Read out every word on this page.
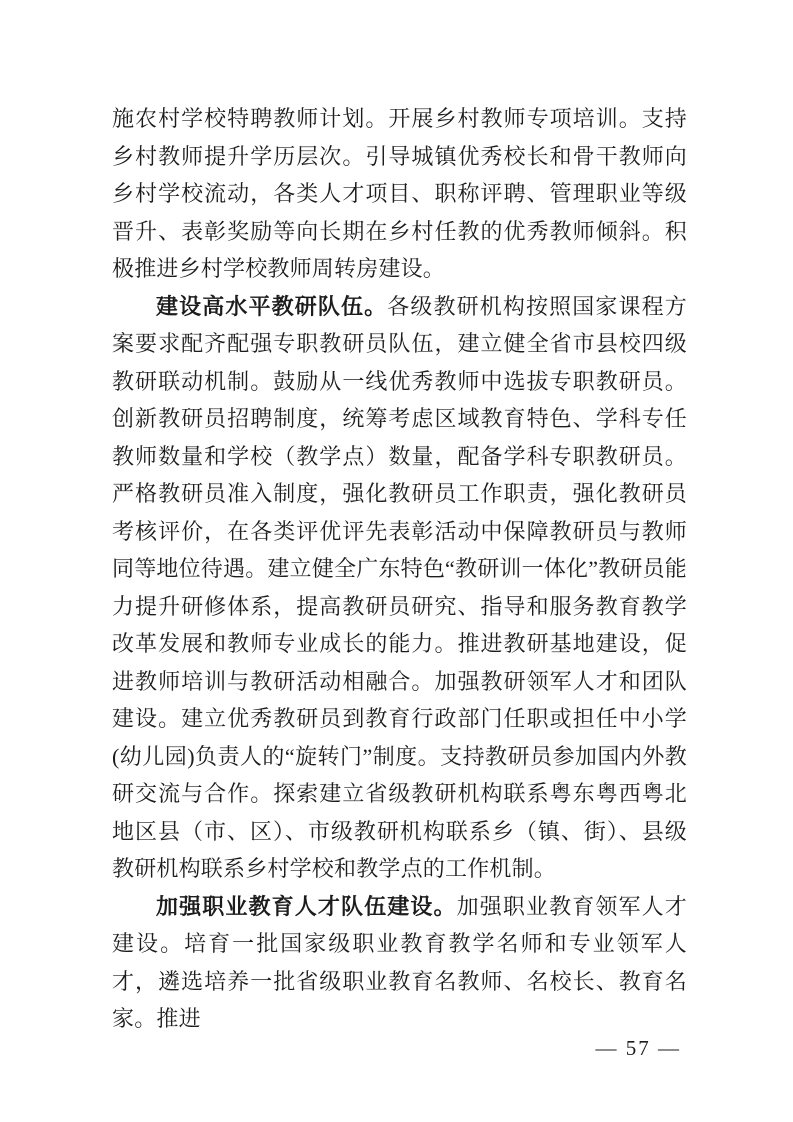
施农村学校特聘教师计划。开展乡村教师专项培训。支持乡村教师提升学历层次。引导城镇优秀校长和骨干教师向乡村学校流动，各类人才项目、职称评聘、管理职业等级晋升、表彰奖励等向长期在乡村任教的优秀教师倾斜。积极推进乡村学校教师周转房建设。

建设高水平教研队伍。各级教研机构按照国家课程方案要求配齐配强专职教研员队伍，建立健全省市县校四级教研联动机制。鼓励从一线优秀教师中选拔专职教研员。创新教研员招聘制度，统筹考虑区域教育特色、学科专任教师数量和学校（教学点）数量，配备学科专职教研员。严格教研员准入制度，强化教研员工作职责，强化教研员考核评价，在各类评优评先表彰活动中保障教研员与教师同等地位待遇。建立健全广东特色“教研训一体化”教研员能力提升研修体系，提高教研员研究、指导和服务教育教学改革发展和教师专业成长的能力。推进教研基地建设，促进教师培训与教研活动相融合。加强教研领军人才和团队建设。建立优秀教研员到教育行政部门任职或担任中小学(幼儿园)负责人的“旋转门”制度。支持教研员参加国内外教研交流与合作。探索建立省级教研机构联系粤东粤西粤北地区县（市、区）、市级教研机构联系乡（镇、街）、县级教研机构联系乡村学校和教学点的工作机制。

加强职业教育人才队伍建设。加强职业教育领军人才建设。培育一批国家级职业教育教学名师和专业领军人才，遴选培养一批省级职业教育名教师、名校长、教育名家。推进

— 57 —
